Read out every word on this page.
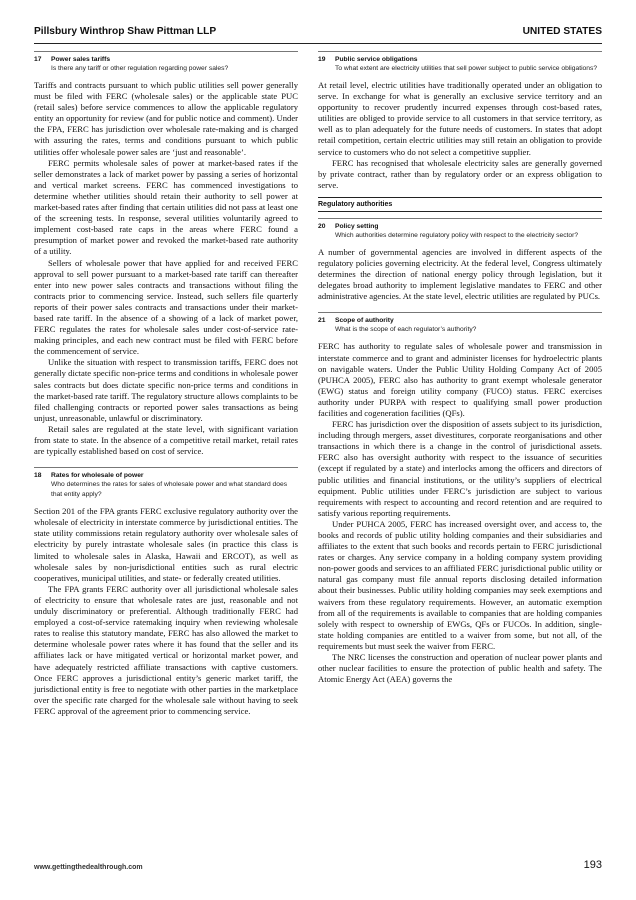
Pillsbury Winthrop Shaw Pittman LLP	UNITED STATES
17 Power sales tariffs
Is there any tariff or other regulation regarding power sales?

Tariffs and contracts pursuant to which public utilities sell power generally must be filed with FERC (wholesale sales) or the applicable state PUC (retail sales) before service commences to allow the applicable regulatory entity an opportunity for review (and for public notice and comment). Under the FPA, FERC has jurisdiction over wholesale rate-making and is charged with assuring the rates, terms and conditions pursuant to which public utilities offer wholesale power sales are ‘just and reasonable’.

FERC permits wholesale sales of power at market-based rates if the seller demonstrates a lack of market power by passing a series of horizontal and vertical market screens. FERC has commenced investigations to determine whether utilities should retain their authority to sell power at market-based rates after finding that certain utilities did not pass at least one of the screening tests. In response, several utilities voluntarily agreed to implement cost-based rate caps in the areas where FERC found a presumption of market power and revoked the market-based rate authority of a utility.

Sellers of wholesale power that have applied for and received FERC approval to sell power pursuant to a market-based rate tariff can thereafter enter into new power sales contracts and transactions without filing the contracts prior to commencing service. Instead, such sellers file quarterly reports of their power sales contracts and transactions under their market-based rate tariff. In the absence of a showing of a lack of market power, FERC regulates the rates for wholesale sales under cost-of-service rate-making principles, and each new contract must be filed with FERC before the commencement of service.

Unlike the situation with respect to transmission tariffs, FERC does not generally dictate specific non-price terms and conditions in wholesale power sales contracts but does dictate specific non-price terms and conditions in the market-based rate tariff. The regulatory structure allows complaints to be filed challenging contracts or reported power sales transactions as being unjust, unreasonable, unlawful or discriminatory.

Retail sales are regulated at the state level, with significant variation from state to state. In the absence of a competitive retail market, retail rates are typically established based on cost of service.

18 Rates for wholesale of power
Who determines the rates for sales of wholesale power and what standard does that entity apply?

Section 201 of the FPA grants FERC exclusive regulatory authority over the wholesale of electricity in interstate commerce by jurisdictional entities. The state utility commissions retain regulatory authority over wholesale sales of electricity by purely intrastate wholesale sales (in practice this class is limited to wholesale sales in Alaska, Hawaii and ERCOT), as well as wholesale sales by non-jurisdictional entities such as rural electric cooperatives, municipal utilities, and state- or federally created utilities.

The FPA grants FERC authority over all jurisdictional wholesale sales of electricity to ensure that wholesale rates are just, reasonable and not unduly discriminatory or preferential. Although traditionally FERC had employed a cost-of-service ratemaking inquiry when reviewing wholesale rates to realise this statutory mandate, FERC has also allowed the market to determine wholesale power rates where it has found that the seller and its affiliates lack or have mitigated vertical or horizontal market power, and have adequately restricted affiliate transactions with captive customers. Once FERC approves a jurisdictional entity’s generic market tariff, the jurisdictional entity is free to negotiate with other parties in the marketplace over the specific rate charged for the wholesale sale without having to seek FERC approval of the agreement prior to commencing service.

19 Public service obligations
To what extent are electricity utilities that sell power subject to public service obligations?

At retail level, electric utilities have traditionally operated under an obligation to serve. In exchange for what is generally an exclusive service territory and an opportunity to recover prudently incurred expenses through cost-based rates, utilities are obliged to provide service to all customers in that service territory, as well as to plan adequately for the future needs of customers. In states that adopt retail competition, certain electric utilities may still retain an obligation to provide service to customers who do not select a competitive supplier.

FERC has recognised that wholesale electricity sales are generally governed by private contract, rather than by regulatory order or an express obligation to serve.

Regulatory authorities
20 Policy setting
Which authorities determine regulatory policy with respect to the electricity sector?

A number of governmental agencies are involved in different aspects of the regulatory policies governing electricity. At the federal level, Congress ultimately determines the direction of national energy policy through legislation, but it delegates broad authority to implement legislative mandates to FERC and other administrative agencies. At the state level, electric utilities are regulated by PUCs.

21 Scope of authority
What is the scope of each regulator’s authority?

FERC has authority to regulate sales of wholesale power and transmission in interstate commerce and to grant and administer licenses for hydroelectric plants on navigable waters. Under the Public Utility Holding Company Act of 2005 (PUHCA 2005), FERC also has authority to grant exempt wholesale generator (EWG) status and foreign utility company (FUCO) status. FERC exercises authority under PURPA with respect to qualifying small power production facilities and cogeneration facilities (QFs).

FERC has jurisdiction over the disposition of assets subject to its jurisdiction, including through mergers, asset divestitures, corporate reorganisations and other transactions in which there is a change in the control of jurisdictional assets. FERC also has oversight authority with respect to the issuance of securities (except if regulated by a state) and interlocks among the officers and directors of public utilities and financial institutions, or the utility’s suppliers of electrical equipment. Public utilities under FERC’s jurisdiction are subject to various requirements with respect to accounting and record retention and are required to satisfy various reporting requirements.

Under PUHCA 2005, FERC has increased oversight over, and access to, the books and records of public utility holding companies and their subsidiaries and affiliates to the extent that such books and records pertain to FERC jurisdictional rates or charges. Any service company in a holding company system providing non-power goods and services to an affiliated FERC jurisdictional public utility or natural gas company must file annual reports disclosing detailed information about their businesses. Public utility holding companies may seek exemptions and waivers from these regulatory requirements. However, an automatic exemption from all of the requirements is available to companies that are holding companies solely with respect to ownership of EWGs, QFs or FUCOs. In addition, single-state holding companies are entitled to a waiver from some, but not all, of the requirements but must seek the waiver from FERC.

The NRC licenses the construction and operation of nuclear power plants and other nuclear facilities to ensure the protection of public health and safety. The Atomic Energy Act (AEA) governs the

www.gettingthedealthrough.com	193
